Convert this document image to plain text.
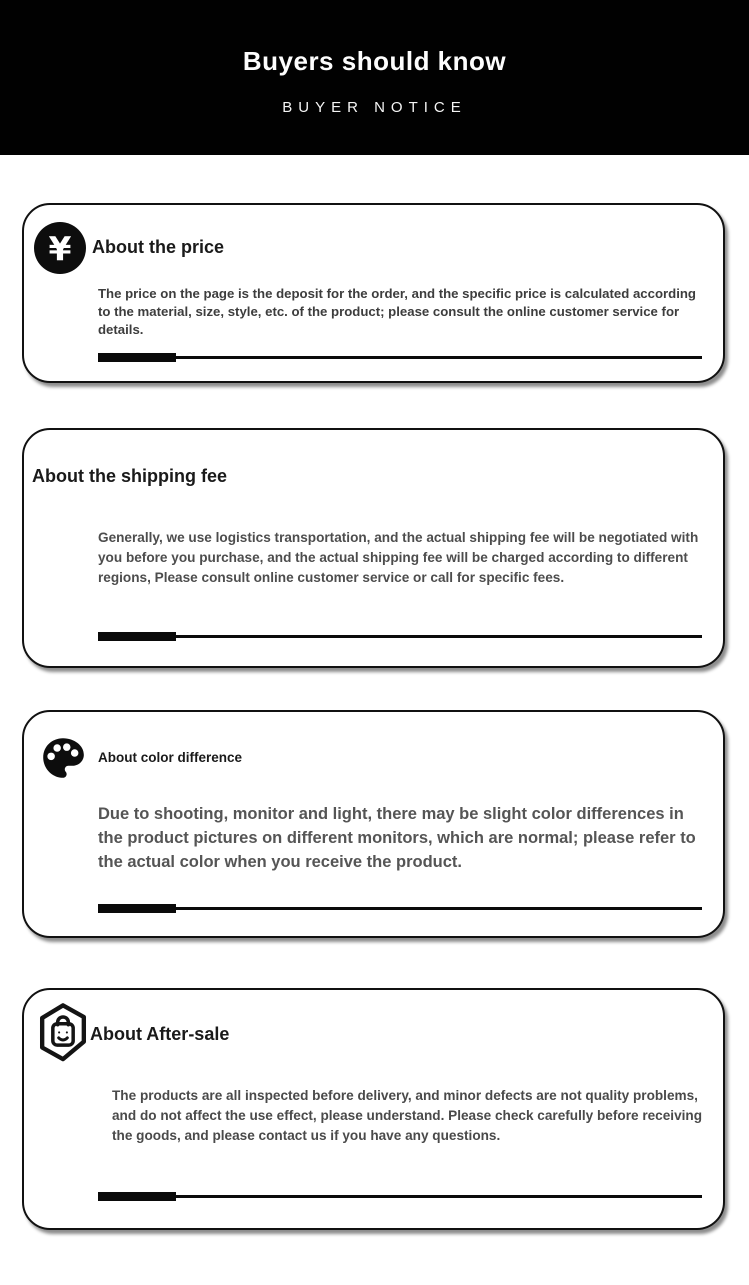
Buyers should know
BUYER NOTICE
¥ About the price
The price on the page is the deposit for the order, and the specific price is calculated according to the material, size, style, etc. of the product; please consult the online customer service for details.
About the shipping fee
Generally, we use logistics transportation, and the actual shipping fee will be negotiated with you before you purchase, and the actual shipping fee will be charged according to different regions, Please consult online customer service or call for specific fees.
About color difference
Due to shooting, monitor and light, there may be slight color differences in the product pictures on different monitors, which are normal; please refer to the actual color when you receive the product.
About After-sale
The products are all inspected before delivery, and minor defects are not quality problems, and do not affect the use effect, please understand. Please check carefully before receiving the goods, and please contact us if you have any questions.
